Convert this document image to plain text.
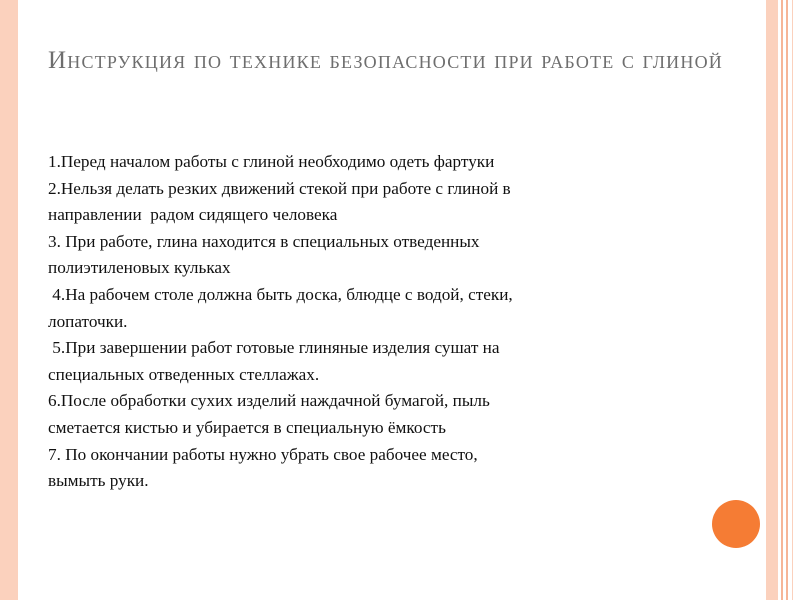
Инструкция по технике безопасности при работе с глиной
1.Перед началом работы с глиной необходимо одеть фартуки
2.Нельзя делать резких движений стекой при работе с глиной в
направлении  радом сидящего человека
3. При работе, глина находится в специальных отведенных
полиэтиленовых кульках
4.На рабочем столе должна быть доска, блюдце с водой, стеки,
лопаточки.
5.При завершении работ готовые глиняные изделия сушат на
специальных отведенных стеллажах.
6.После обработки сухих изделий наждачной бумагой, пыль
сметается кистью и убирается в специальную ёмкость
7. По окончании работы нужно убрать свое рабочее место,
вымыть руки.
